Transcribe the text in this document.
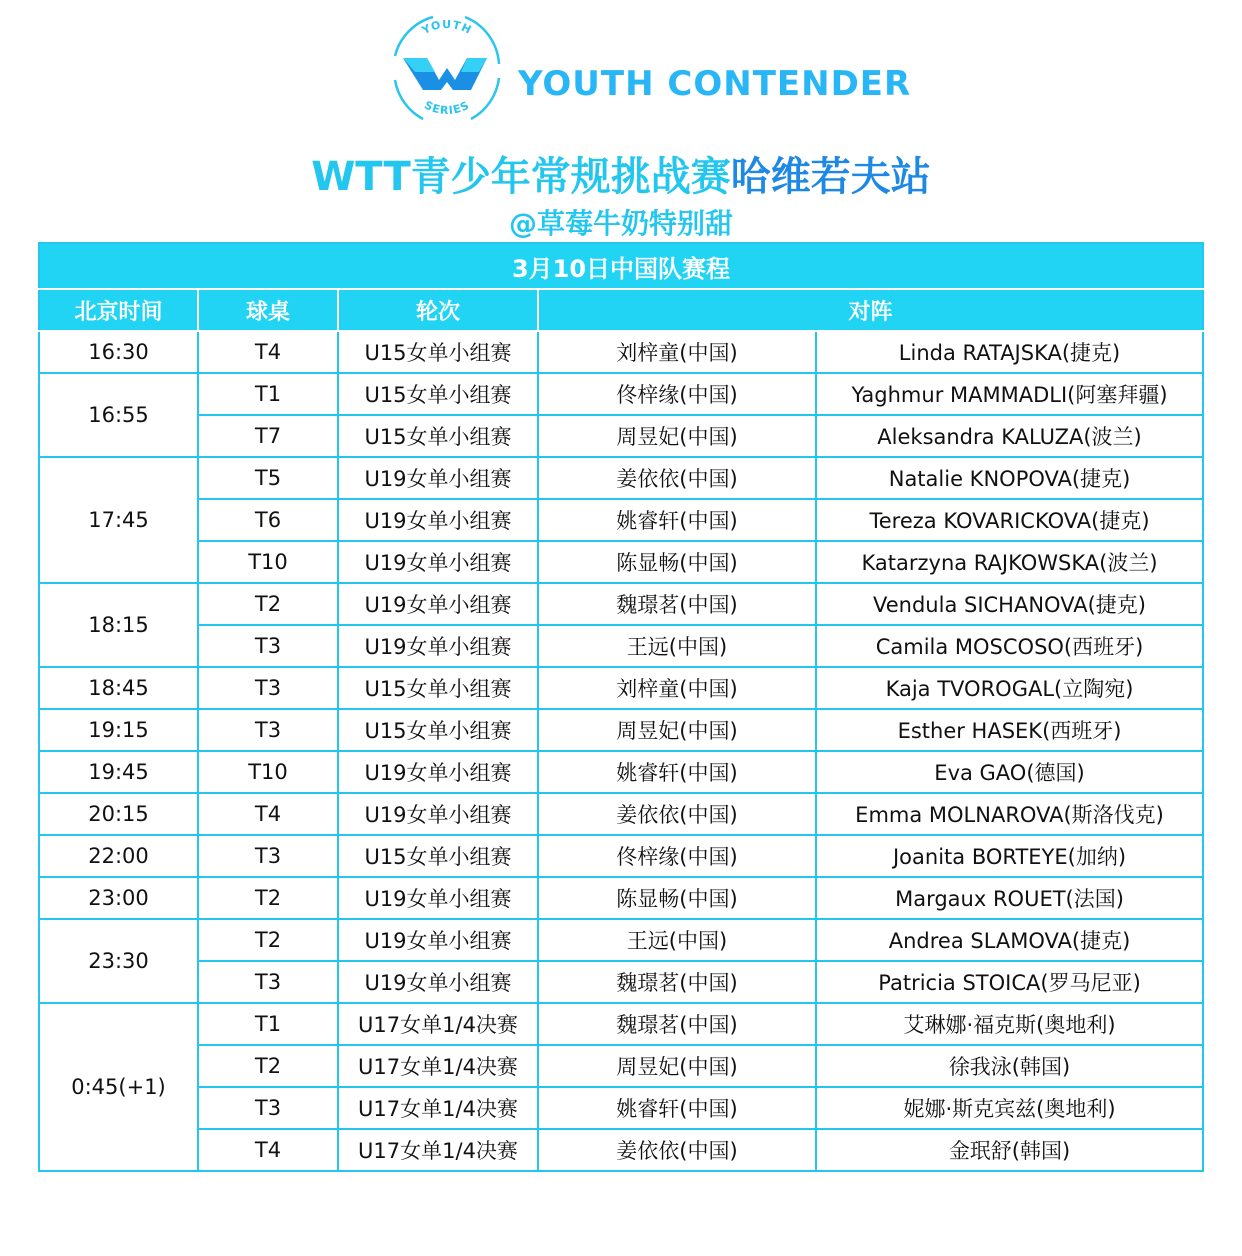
YOUTH
SERIES
YOUTH CONTENDER
WTT青少年常规挑战赛哈维若夫站
@草莓牛奶特别甜
3月10日中国队赛程				
北京时间	球桌	轮次	对阵	
16:30	T4	U15女单小组赛	刘梓童(中国)	Linda RATAJSKA(捷克)
16:55	T1	U15女单小组赛	佟梓缘(中国)	Yaghmur MAMMADLI(阿塞拜疆)
	T7	U15女单小组赛	周昱妃(中国)	Aleksandra KALUZA(波兰)
17:45	T5	U19女单小组赛	姜依依(中国)	Natalie KNOPOVA(捷克)
	T6	U19女单小组赛	姚睿轩(中国)	Tereza KOVARICKOVA(捷克)
	T10	U19女单小组赛	陈显畅(中国)	Katarzyna RAJKOWSKA(波兰)
18:15	T2	U19女单小组赛	魏璟茗(中国)	Vendula SICHANOVA(捷克)
	T3	U19女单小组赛	王远(中国)	Camila MOSCOSO(西班牙)
18:45	T3	U15女单小组赛	刘梓童(中国)	Kaja TVOROGAL(立陶宛)
19:15	T3	U15女单小组赛	周昱妃(中国)	Esther HASEK(西班牙)
19:45	T10	U19女单小组赛	姚睿轩(中国)	Eva GAO(德国)
20:15	T4	U19女单小组赛	姜依依(中国)	Emma MOLNAROVA(斯洛伐克)
22:00	T3	U15女单小组赛	佟梓缘(中国)	Joanita BORTEYE(加纳)
23:00	T2	U19女单小组赛	陈显畅(中国)	Margaux ROUET(法国)
23:30	T2	U19女单小组赛	王远(中国)	Andrea SLAMOVA(捷克)
	T3	U19女单小组赛	魏璟茗(中国)	Patricia STOICA(罗马尼亚)
0:45(+1)	T1	U17女单1/4决赛	魏璟茗(中国)	艾琳娜·福克斯(奥地利)
	T2	U17女单1/4决赛	周昱妃(中国)	徐我泳(韩国)
	T3	U17女单1/4决赛	姚睿轩(中国)	妮娜·斯克宾兹(奥地利)
	T4	U17女单1/4决赛	姜依依(中国)	金珉舒(韩国)
